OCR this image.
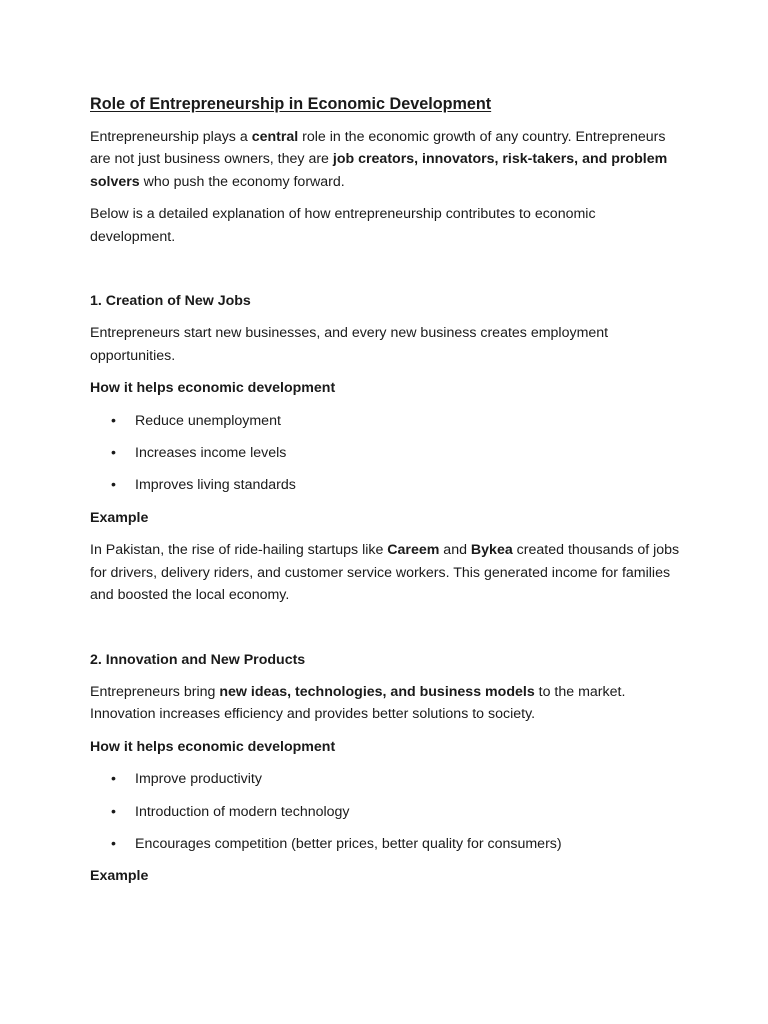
Role of Entrepreneurship in Economic Development

Entrepreneurship plays a central role in the economic growth of any country. Entrepreneurs are not just business owners, they are job creators, innovators, risk-takers, and problem solvers who push the economy forward.

Below is a detailed explanation of how entrepreneurship contributes to economic development.

1. Creation of New Jobs

Entrepreneurs start new businesses, and every new business creates employment opportunities.

How it helps economic development
• Reduce unemployment
• Increases income levels
• Improves living standards
Example

In Pakistan, the rise of ride-hailing startups like Careem and Bykea created thousands of jobs for drivers, delivery riders, and customer service workers. This generated income for families and boosted the local economy.

2. Innovation and New Products

Entrepreneurs bring new ideas, technologies, and business models to the market. Innovation increases efficiency and provides better solutions to society.

How it helps economic development
• Improve productivity
• Introduction of modern technology
• Encourages competition (better prices, better quality for consumers)
Example
